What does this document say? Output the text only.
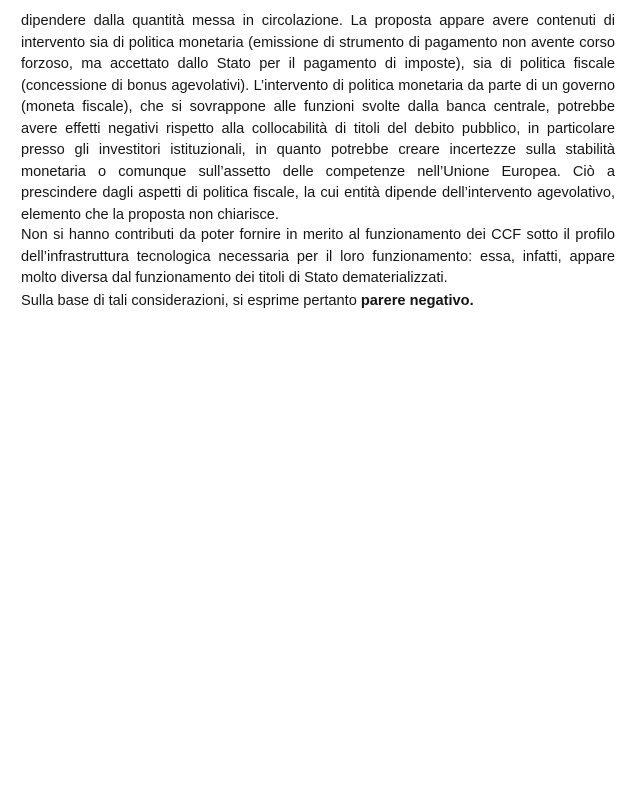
dipendere dalla quantità messa in circolazione. La proposta appare avere contenuti di intervento sia di politica monetaria (emissione di strumento di pagamento non avente corso forzoso, ma accettato dallo Stato per il pagamento di imposte), sia di politica fiscale (concessione di bonus agevolativi). L’intervento di politica monetaria da parte di un governo (moneta fiscale), che si sovrappone alle funzioni svolte dalla banca centrale, potrebbe avere effetti negativi rispetto alla collocabilità di titoli del debito pubblico, in particolare presso gli investitori istituzionali, in quanto potrebbe creare incertezze sulla stabilità monetaria o comunque sull’assetto delle competenze nell’Unione Europea. Ciò a prescindere dagli aspetti di politica fiscale, la cui entità dipende dell’intervento agevolativo, elemento che la proposta non chiarisce.

Non si hanno contributi da poter fornire in merito al funzionamento dei CCF sotto il profilo dell’infrastruttura tecnologica necessaria per il loro funzionamento: essa, infatti, appare molto diversa dal funzionamento dei titoli di Stato dematerializzati.

Sulla base di tali considerazioni, si esprime pertanto parere negativo.
